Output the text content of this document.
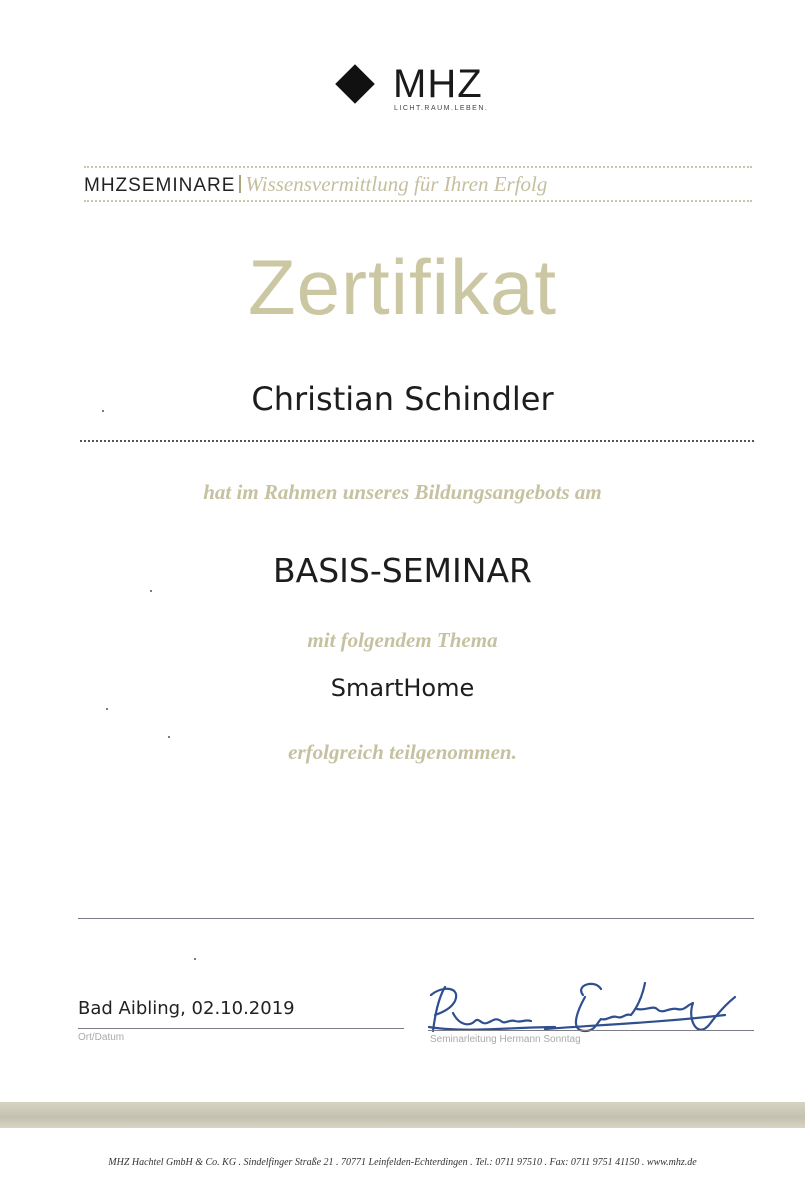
MHZ
LICHT.RAUM.LEBEN.
MHZSEMINARE Wissensvermittlung für Ihren Erfolg
Zertifikat
Christian Schindler
hat im Rahmen unseres Bildungsangebots am
BASIS-SEMINAR
mit folgendem Thema
SmartHome
erfolgreich teilgenommen.
Bad Aibling, 02.10.2019
Ort/Datum	Seminarleitung Hermann Sonntag
MHZ Hachtel GmbH & Co. KG . Sindelfinger Straße 21 . 70771 Leinfelden-Echterdingen . Tel.: 0711 97510 . Fax: 0711 9751 41150 . www.mhz.de
